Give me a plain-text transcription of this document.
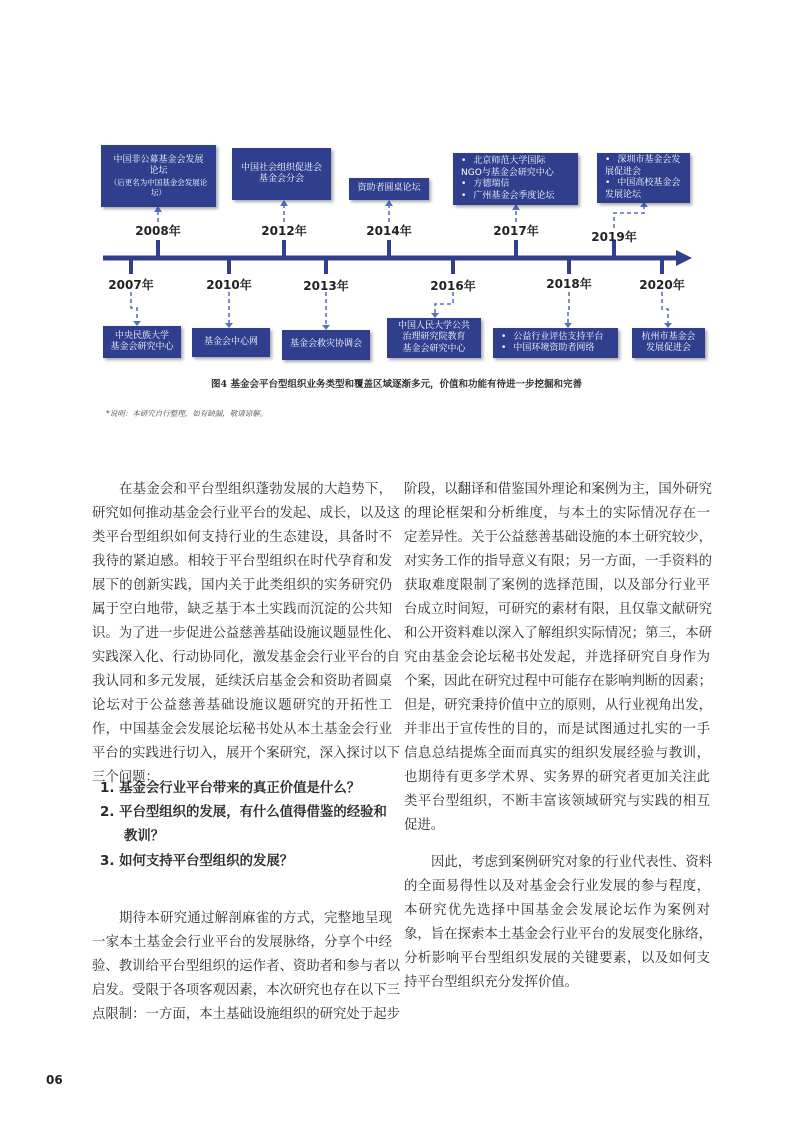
中国非公募基金会发展
论坛
（后更名为中国基金会发展论坛）
中国社会组织促进会
基金会分会
资助者圆桌论坛
• 北京师范大学国际NGO与基金会研究中心
• 方德瑞信
• 广州基金会季度论坛
• 深圳市基金会发展促进会
• 中国高校基金会发展论坛
2008年	2012年	2014年	2017年	2019年
2007年	2010年	2013年	2016年	2018年	2020年
中央民族大学
基金会研究中心
基金会中心网	基金会救灾协调会
中国人民大学公共
治理研究院教育
基金会研究中心
• 公益行业评估支持平台
• 中国环境资助者网络
杭州市基金会
发展促进会
图4 基金会平台型组织业务类型和覆盖区域逐渐多元，价值和功能有待进一步挖掘和完善
*说明：本研究自行整理，如有缺漏，敬请谅解。
在基金会和平台型组织蓬勃发展的大趋势下，
研究如何推动基金会行业平台的发起、成长，以及这
类平台型组织如何支持行业的生态建设，具备时不
我待的紧迫感。相较于平台型组织在时代孕育和发
展下的创新实践，国内关于此类组织的实务研究仍
属于空白地带，缺乏基于本土实践而沉淀的公共知
识。为了进一步促进公益慈善基础设施议题显性化、
实践深入化、行动协同化，激发基金会行业平台的自
我认同和多元发展，延续沃启基金会和资助者圆桌
论坛对于公益慈善基础设施议题研究的开拓性工
作，中国基金会发展论坛秘书处从本土基金会行业
平台的实践进行切入，展开个案研究，深入探讨以下
三个问题：
1. 基金会行业平台带来的真正价值是什么？
2. 平台型组织的发展，有什么值得借鉴的经验和
教训？
3. 如何支持平台型组织的发展？
期待本研究通过解剖麻雀的方式，完整地呈现
一家本土基金会行业平台的发展脉络，分享个中经
验、教训给平台型组织的运作者、资助者和参与者以
启发。受限于各项客观因素，本次研究也存在以下三
点限制：一方面，本土基础设施组织的研究处于起步
阶段，以翻译和借鉴国外理论和案例为主，国外研究
的理论框架和分析维度，与本土的实际情况存在一
定差异性。关于公益慈善基础设施的本土研究较少，
对实务工作的指导意义有限；另一方面，一手资料的
获取难度限制了案例的选择范围，以及部分行业平
台成立时间短，可研究的素材有限，且仅靠文献研究
和公开资料难以深入了解组织实际情况；第三，本研
究由基金会论坛秘书处发起，并选择研究自身作为
个案，因此在研究过程中可能存在影响判断的因素；
但是，研究秉持价值中立的原则，从行业视角出发，
并非出于宣传性的目的，而是试图通过扎实的一手
信息总结提炼全面而真实的组织发展经验与教训，
也期待有更多学术界、实务界的研究者更加关注此
类平台型组织，不断丰富该领域研究与实践的相互
促进。
因此，考虑到案例研究对象的行业代表性、资料
的全面易得性以及对基金会行业发展的参与程度，
本研究优先选择中国基金会发展论坛作为案例对
象，旨在探索本土基金会行业平台的发展变化脉络，
分析影响平台型组织发展的关键要素，以及如何支
持平台型组织充分发挥价值。
06
